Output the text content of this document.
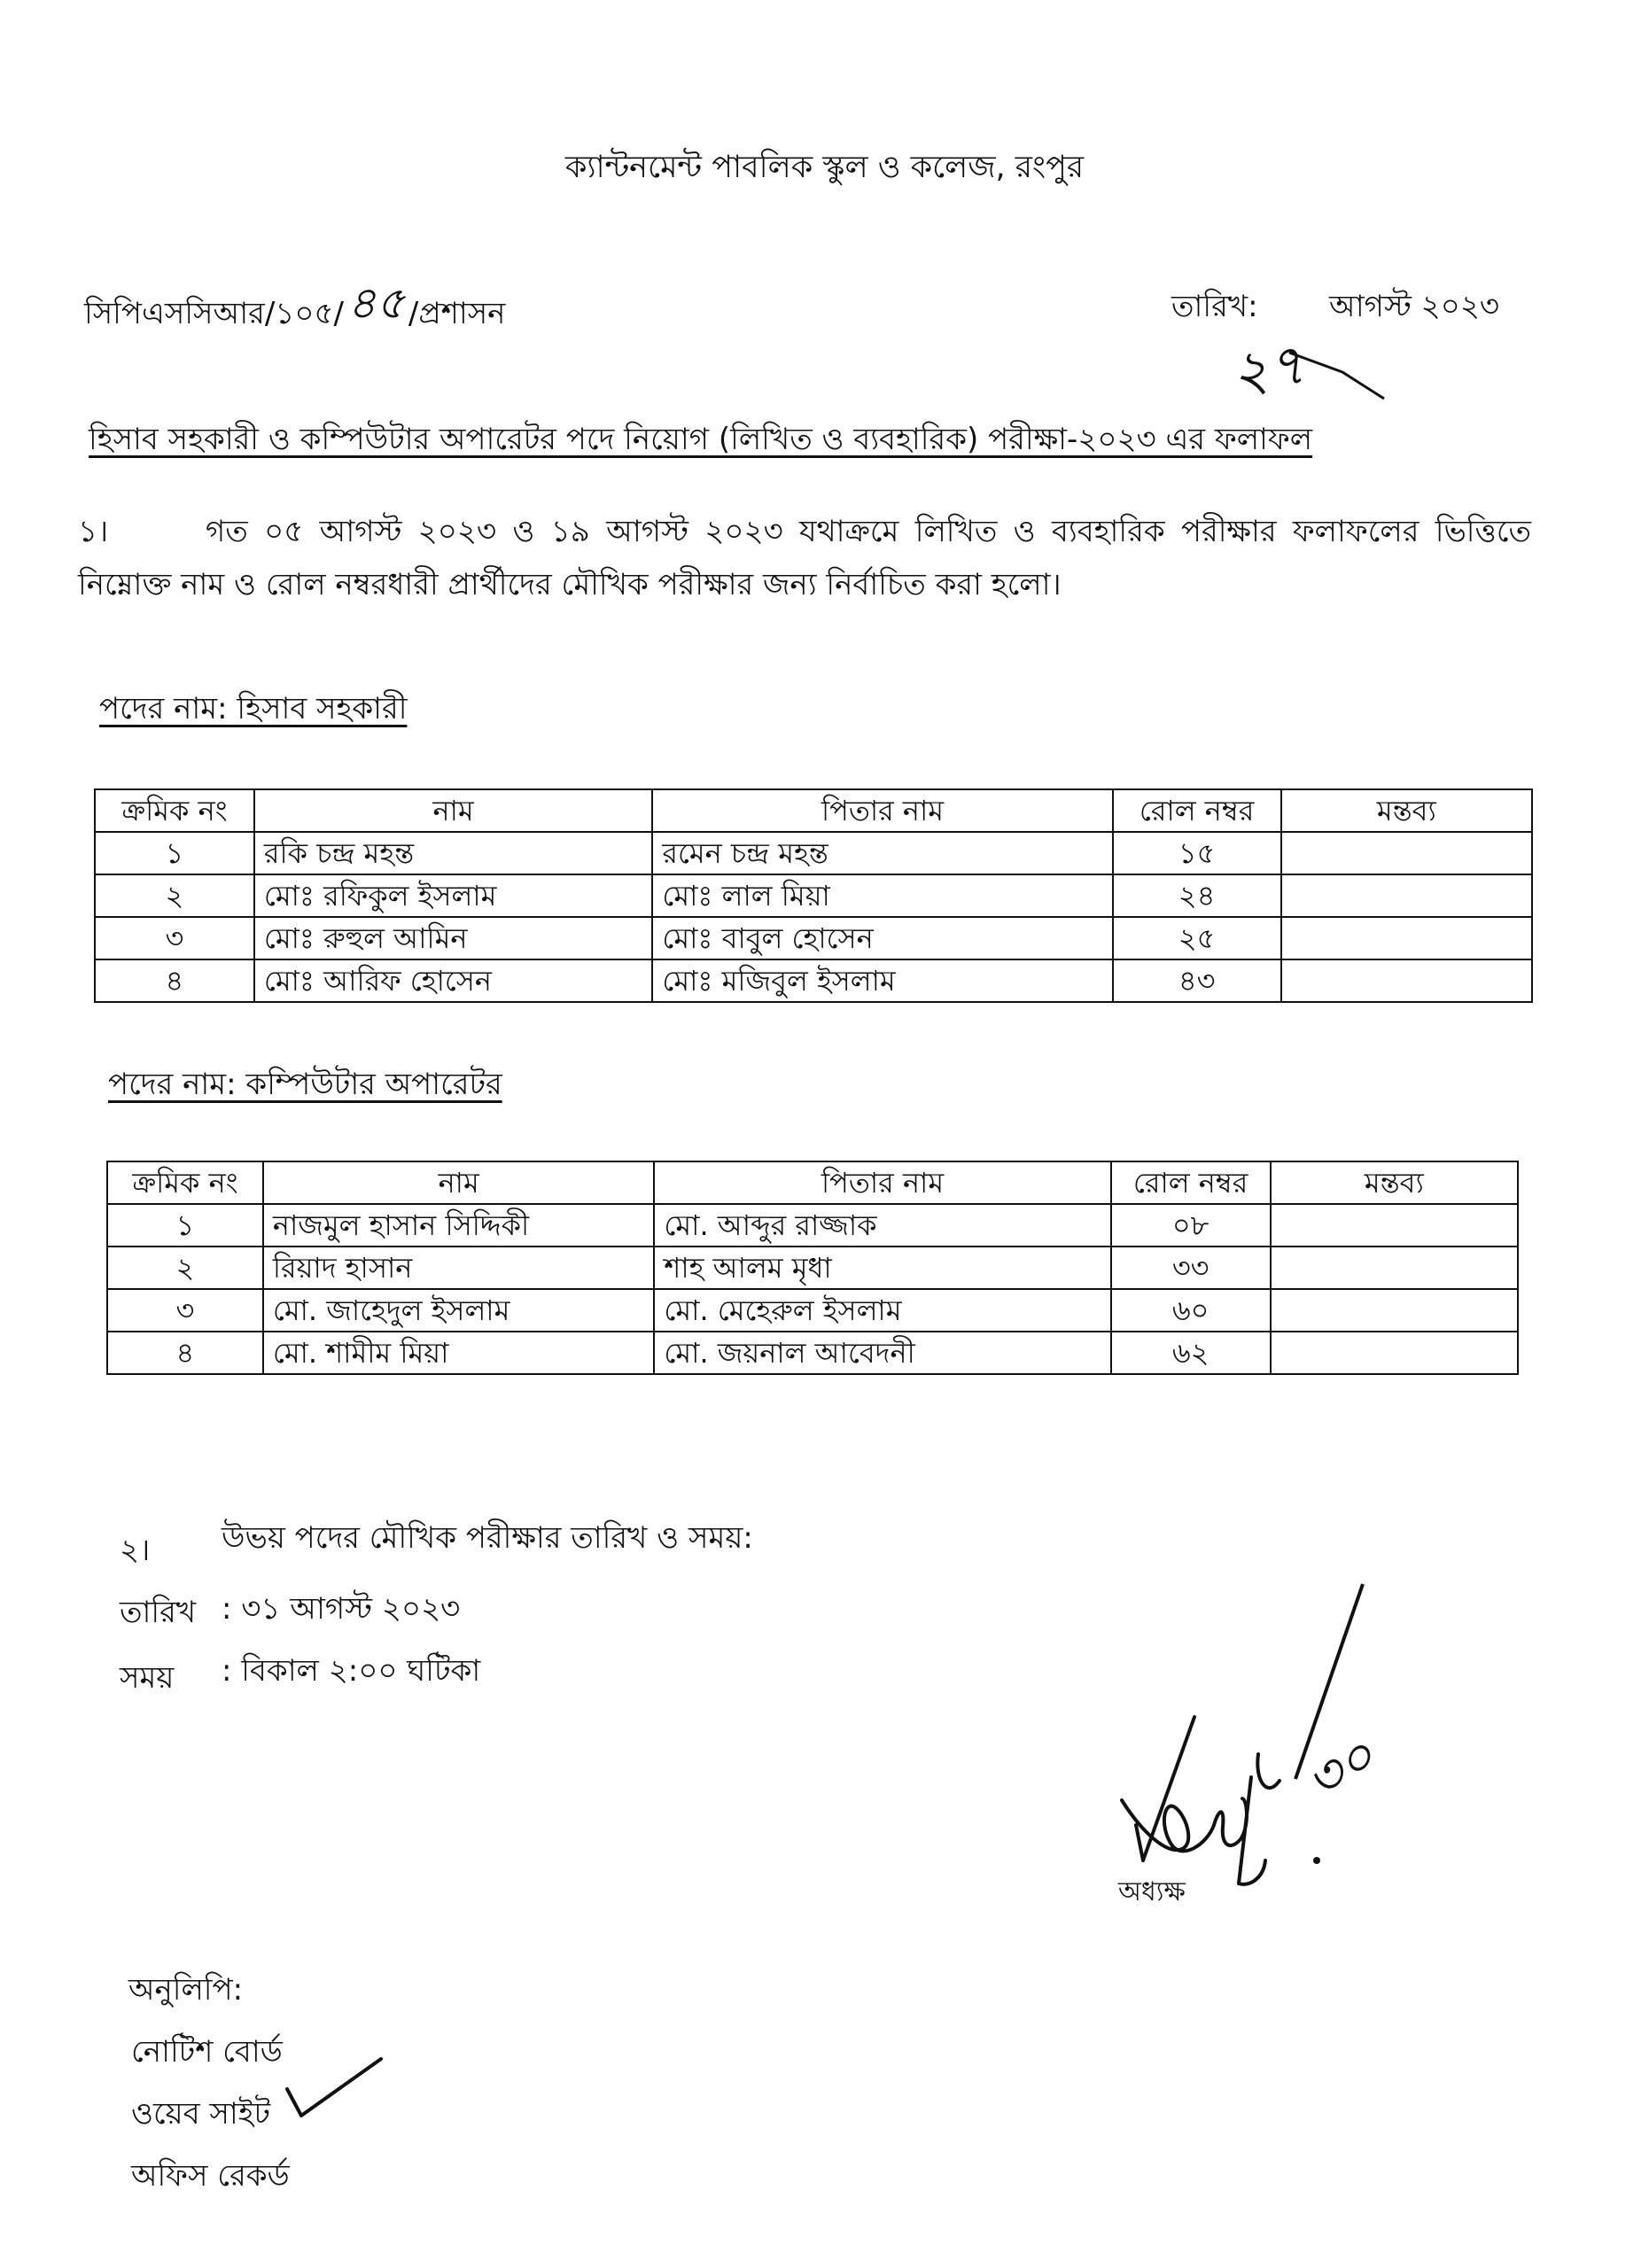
ক্যান্টনমেন্ট পাবলিক স্কুল ও কলেজ, রংপুর
সিপিএসসিআর/১০৫/৪৫ /প্রশাসন	তারিখ:
২৭
আগস্ট ২০২৩
হিসাব সহকারী ও কম্পিউটার অপারেটর পদে নিয়োগ (লিখিত ও ব্যবহারিক) পরীক্ষা-২০২৩ এর ফলাফল
১।	গত ০৫ আগস্ট ২০২৩ ও ১৯ আগস্ট ২০২৩ যথাক্রমে লিখিত ও ব্যবহারিক পরীক্ষার ফলাফলের ভিত্তিতে নিম্নোক্ত নাম ও রোল নম্বরধারী প্রার্থীদের মৌখিক পরীক্ষার জন্য নির্বাচিত করা হলো।
পদের নাম: হিসাব সহকারী
ক্রমিক নং	নাম	পিতার নাম	রোল নম্বর	মন্তব্য
১	রকি চন্দ্র মহন্ত	রমেন চন্দ্র মহন্ত	১৫	
২	মোঃ রফিকুল ইসলাম	মোঃ লাল মিয়া	২৪	
৩	মোঃ রুহুল আমিন	মোঃ বাবুল হোসেন	২৫	
৪	মোঃ আরিফ হোসেন	মোঃ মজিবুল ইসলাম	৪৩	
পদের নাম: কম্পিউটার অপারেটর
ক্রমিক নং	নাম	পিতার নাম	রোল নম্বর	মন্তব্য
১	নাজমুল হাসান সিদ্দিকী	মো. আব্দুর রাজ্জাক	০৮	
২	রিয়াদ হাসান	শাহ আলম মৃধা	৩৩	
৩	মো. জাহেদুল ইসলাম	মো. মেহেরুল ইসলাম	৬০	
৪	মো. শামীম মিয়া	মো. জয়নাল আবেদনী	৬২	
২। উভয় পদের মৌখিক পরীক্ষার তারিখ ও সময়:
তারিখ : ৩১ আগস্ট ২০২৩
সময় : বিকাল ২:০০ ঘটিকা
৩০
অধ্যক্ষ
অনুলিপি:
নোটিশ বোর্ড
ওয়েব সাইট
অফিস রেকর্ড
